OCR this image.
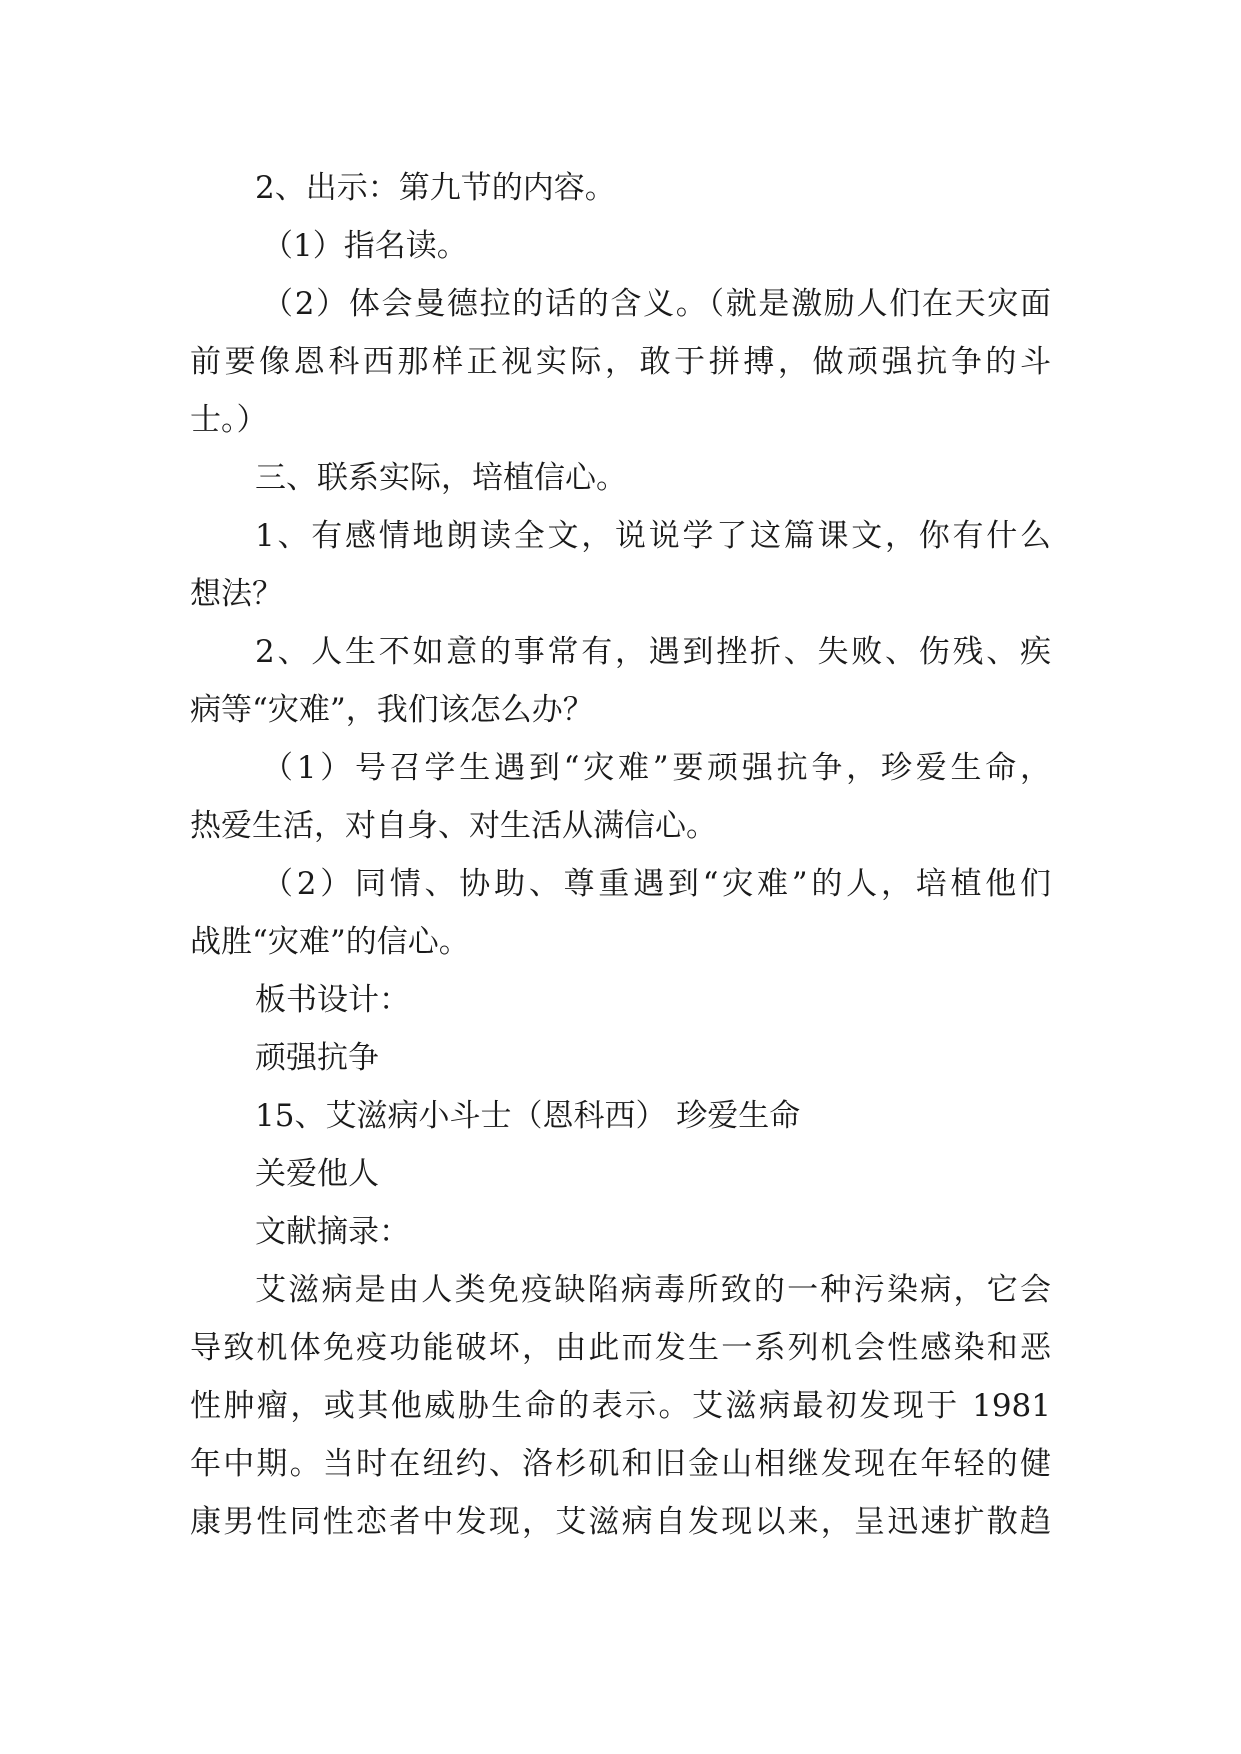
2、出示：第九节的内容。
（1）指名读。
（2）体会曼德拉的话的含义。（就是激励人们在天灾面
前要像恩科西那样正视实际，敢于拼搏，做顽强抗争的斗
士。）
三、联系实际，培植信心。
1、有感情地朗读全文，说说学了这篇课文，你有什么
想法？
2、人生不如意的事常有，遇到挫折、失败、伤残、疾
病等“灾难”，我们该怎么办？
（1）号召学生遇到“灾难”要顽强抗争，珍爱生命，
热爱生活，对自身、对生活从满信心。
（2）同情、协助、尊重遇到“灾难”的人，培植他们
战胜“灾难”的信心。
板书设计：
顽强抗争
15、艾滋病小斗士（恩科西） 珍爱生命
关爱他人
文献摘录：
艾滋病是由人类免疫缺陷病毒所致的一种污染病，它会
导致机体免疫功能破坏，由此而发生一系列机会性感染和恶
性肿瘤，或其他威胁生命的表示。艾滋病最初发现于 1981
年中期。当时在纽约、洛杉矶和旧金山相继发现在年轻的健
康男性同性恋者中发现，艾滋病自发现以来，呈迅速扩散趋
